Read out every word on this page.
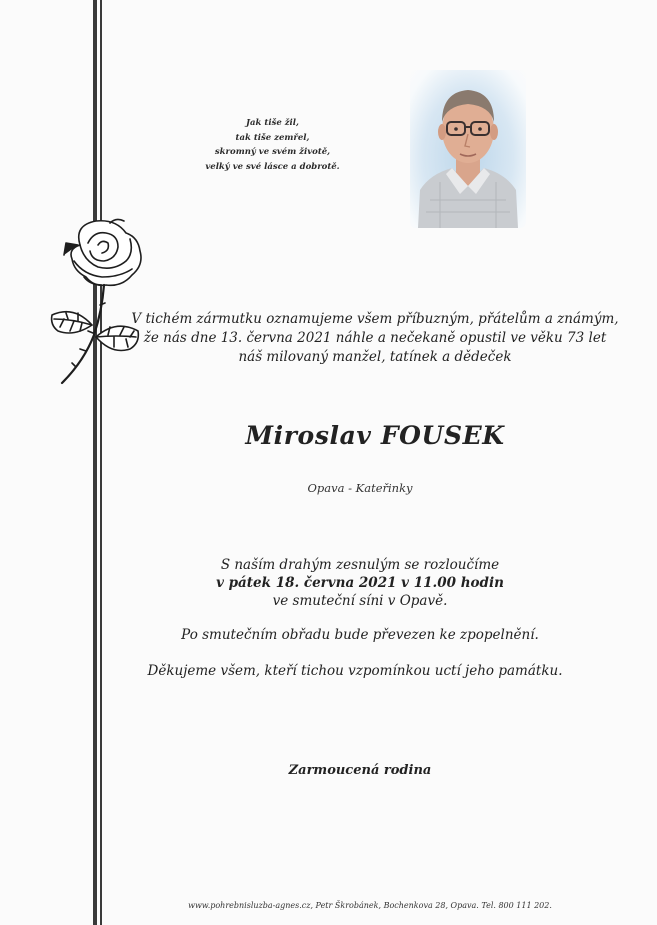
Jak tiše žil,
tak tiše zemřel,
skromný ve svém životě,
velký ve své lásce a dobrotě.
V tichém zármutku oznamujeme všem příbuzným, přátelům a známým,
že nás dne 13. června 2021 náhle a nečekaně opustil ve věku 73 let
náš milovaný manžel, tatínek a dědeček
Miroslav FOUSEK
Opava - Kateřinky
S naším drahým zesnulým se rozloučíme
v pátek 18. června 2021 v 11.00 hodin
ve smuteční síni v Opavě.
Po smutečním obřadu bude převezen ke zpopelnění.
Děkujeme všem, kteří tichou vzpomínkou uctí jeho památku.
Zarmoucená rodina
www.pohrebnisluzba-agnes.cz, Petr Škrobánek, Bochenkova 28, Opava. Tel. 800 111 202.
